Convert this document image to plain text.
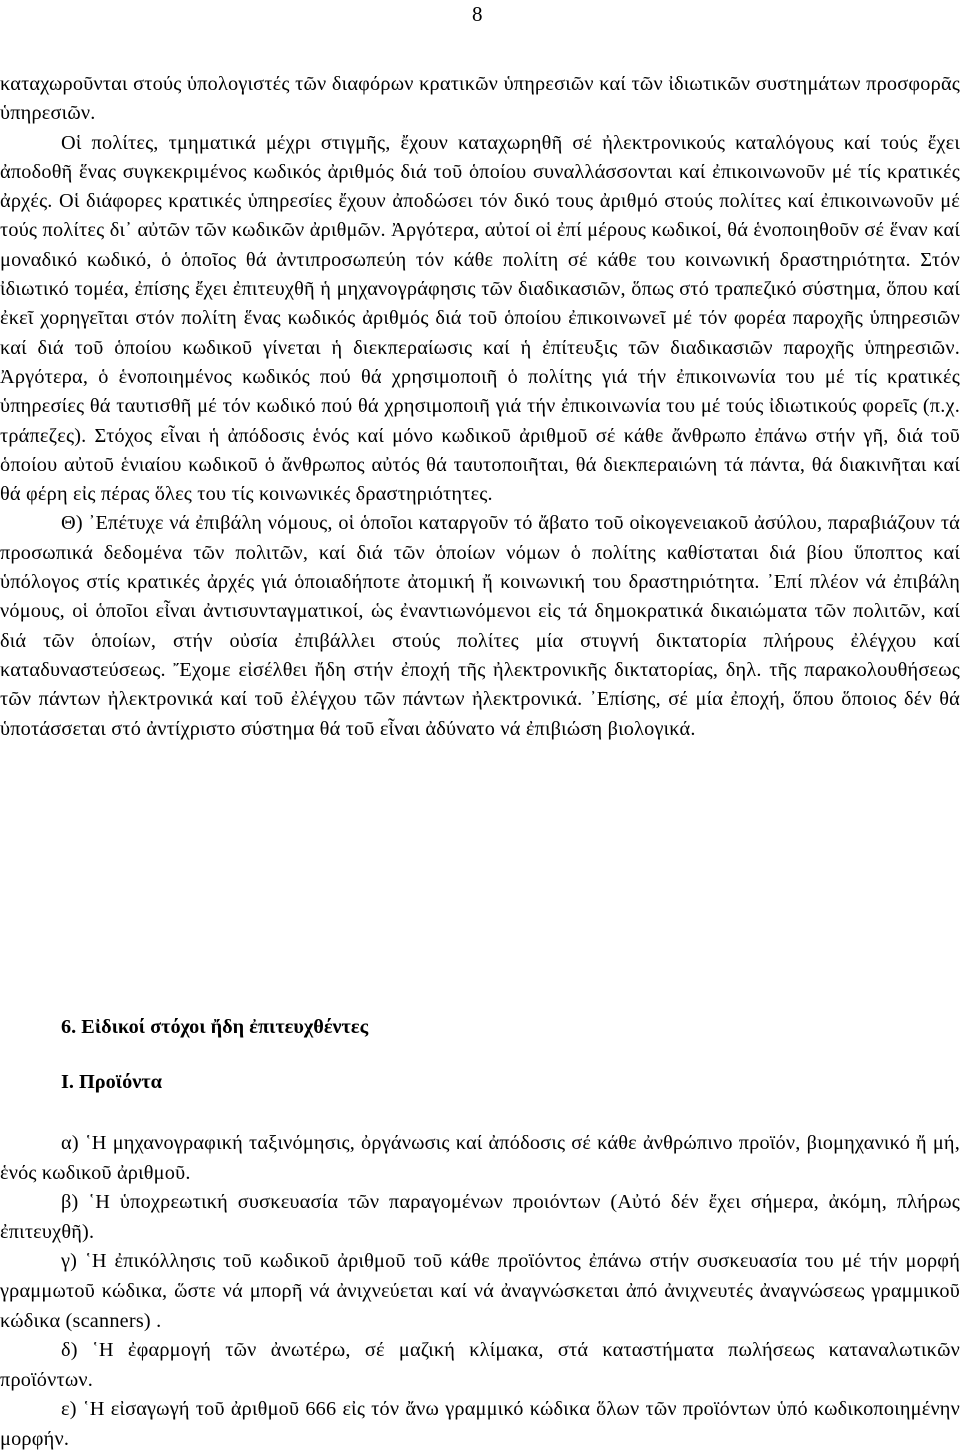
8

καταχωροῦνται στούς ὑπολογιστές τῶν διαφόρων κρατικῶν ὑπηρεσιῶν καί τῶν ἰδιωτικῶν συστημάτων προσφορᾶς ὑπηρεσιῶν.

Οἱ πολίτες, τμηματικά μέχρι στιγμῆς, ἔχουν καταχωρηθῆ σέ ἠλεκτρονικούς καταλόγους καί τούς ἔχει ἀποδοθῆ ἕνας συγκεκριμένος κωδικός ἀριθμός διά τοῦ ὁποίου συναλλάσσονται καί ἐπικοινωνοῦν μέ τίς κρατικές ἀρχές. Οἱ διάφορες κρατικές ὑπηρεσίες ἔχουν ἀποδώσει τόν δικό τους ἀριθμό στούς πολίτες καί ἐπικοινωνοῦν μέ τούς πολίτες δι᾽ αὐτῶν τῶν κωδικῶν ἀριθμῶν. Ἀργότερα, αὐτοί οἱ ἐπί μέρους κωδικοί, θά ἑνοποιηθοῦν σέ ἕναν καί μοναδικό κωδικό, ὁ ὁποῖος θά ἀντιπροσωπεύη τόν κάθε πολίτη σέ κάθε του κοινωνική δραστηριότητα. Στόν ἰδιωτικό τομέα, ἐπίσης ἔχει ἐπιτευχθῆ ἡ μηχανογράφησις τῶν διαδικασιῶν, ὅπως στό τραπεζικό σύστημα, ὅπου καί ἐκεῖ χορηγεῖται στόν πολίτη ἕνας κωδικός ἀριθμός διά τοῦ ὁποίου ἐπικοινωνεῖ μέ τόν φορέα παροχῆς ὑπηρεσιῶν καί διά τοῦ ὁποίου κωδικοῦ γίνεται ἡ διεκπεραίωσις καί ἡ ἐπίτευξις τῶν διαδικασιῶν παροχῆς ὑπηρεσιῶν. Ἀργότερα, ὁ ἑνοποιημένος κωδικός πού θά χρησιμοποιῆ ὁ πολίτης γιά τήν ἐπικοινωνία του μέ τίς κρατικές ὑπηρεσίες θά ταυτισθῆ μέ τόν κωδικό πού θά χρησιμοποιῆ γιά τήν ἐπικοινωνία του μέ τούς ἰδιωτικούς φορεῖς (π.χ. τράπεζες). Στόχος εἶναι ἡ ἀπόδοσις ἑνός καί μόνο κωδικοῦ ἀριθμοῦ σέ κάθε ἄνθρωπο ἐπάνω στήν γῆ, διά τοῦ ὁποίου αὐτοῦ ἑνιαίου κωδικοῦ ὁ ἄνθρωπος αὐτός θά ταυτοποιῆται, θά διεκπεραιώνη τά πάντα, θά διακινῆται καί θά φέρη εἰς πέρας ὅλες του τίς κοινωνικές δραστηριότητες.

Θ) ᾿Επέτυχε νά ἐπιβάλη νόμους, οἱ ὁποῖοι καταργοῦν τό ἄβατο τοῦ οἰκογενειακοῦ ἀσύλου, παραβιάζουν τά προσωπικά δεδομένα τῶν πολιτῶν, καί διά τῶν ὁποίων νόμων ὁ πολίτης καθίσταται διά βίου ὕποπτος καί ὑπόλογος στίς κρατικές ἀρχές γιά ὁποιαδήποτε ἀτομική ἤ κοινωνική του δραστηριότητα. ᾿Επί πλέον νά ἐπιβάλη νόμους, οἱ ὁποῖοι εἶναι ἀντισυνταγματικοί, ὡς ἐναντιωνόμενοι εἰς τά δημοκρατικά δικαιώματα τῶν πολιτῶν, καί διά τῶν ὁποίων, στήν οὐσία ἐπιβάλλει στούς πολίτες μία στυγνή δικτατορία πλήρους ἐλέγχου καί καταδυναστεύσεως. Ἔχομε εἰσέλθει ἤδη στήν ἐποχή τῆς ἠλεκτρονικῆς δικτατορίας, δηλ. τῆς παρακολουθήσεως τῶν πάντων ἠλεκτρονικά καί τοῦ ἐλέγχου τῶν πάντων ἠλεκτρονικά. ᾿Επίσης, σέ μία ἐποχή, ὅπου ὅποιος δέν θά ὑποτάσσεται στό ἀντίχριστο σύστημα θά τοῦ εἶναι ἀδύνατο νά ἐπιβιώση βιολογικά.

6. Εἰδικοί στόχοι ἤδη ἐπιτευχθέντες
Ι. Προϊόντα

α) ῾Η μηχανογραφική ταξινόμησις, ὀργάνωσις καί ἀπόδοσις σέ κάθε ἀνθρώπινο προϊόν, βιομηχανικό ἤ μή, ἑνός κωδικοῦ ἀριθμοῦ.

β) ῾Η ὑποχρεωτική συσκευασία τῶν παραγομένων προιόντων (Αὐτό δέν ἔχει σήμερα, ἀκόμη, πλήρως ἐπιτευχθῆ).

γ) ῾Η ἐπικόλλησις τοῦ κωδικοῦ ἀριθμοῦ τοῦ κάθε προϊόντος ἐπάνω στήν συσκευασία του μέ τήν μορφή γραμμωτοῦ κώδικα, ὥστε νά μπορῆ νά ἀνιχνεύεται καί νά ἀναγνώσκεται ἀπό ἀνιχνευτές ἀναγνώσεως γραμμικοῦ κώδικα (scanners) .

δ) ῾Η ἐφαρμογή τῶν ἀνωτέρω, σέ μαζική κλίμακα, στά καταστήματα πωλήσεως καταναλωτικῶν προϊόντων.

ε) ῾Η εἰσαγωγή τοῦ ἀριθμοῦ 666 εἰς τόν ἄνω γραμμικό κώδικα ὅλων τῶν προϊόντων ὑπό κωδικοποιημένην μορφήν.
